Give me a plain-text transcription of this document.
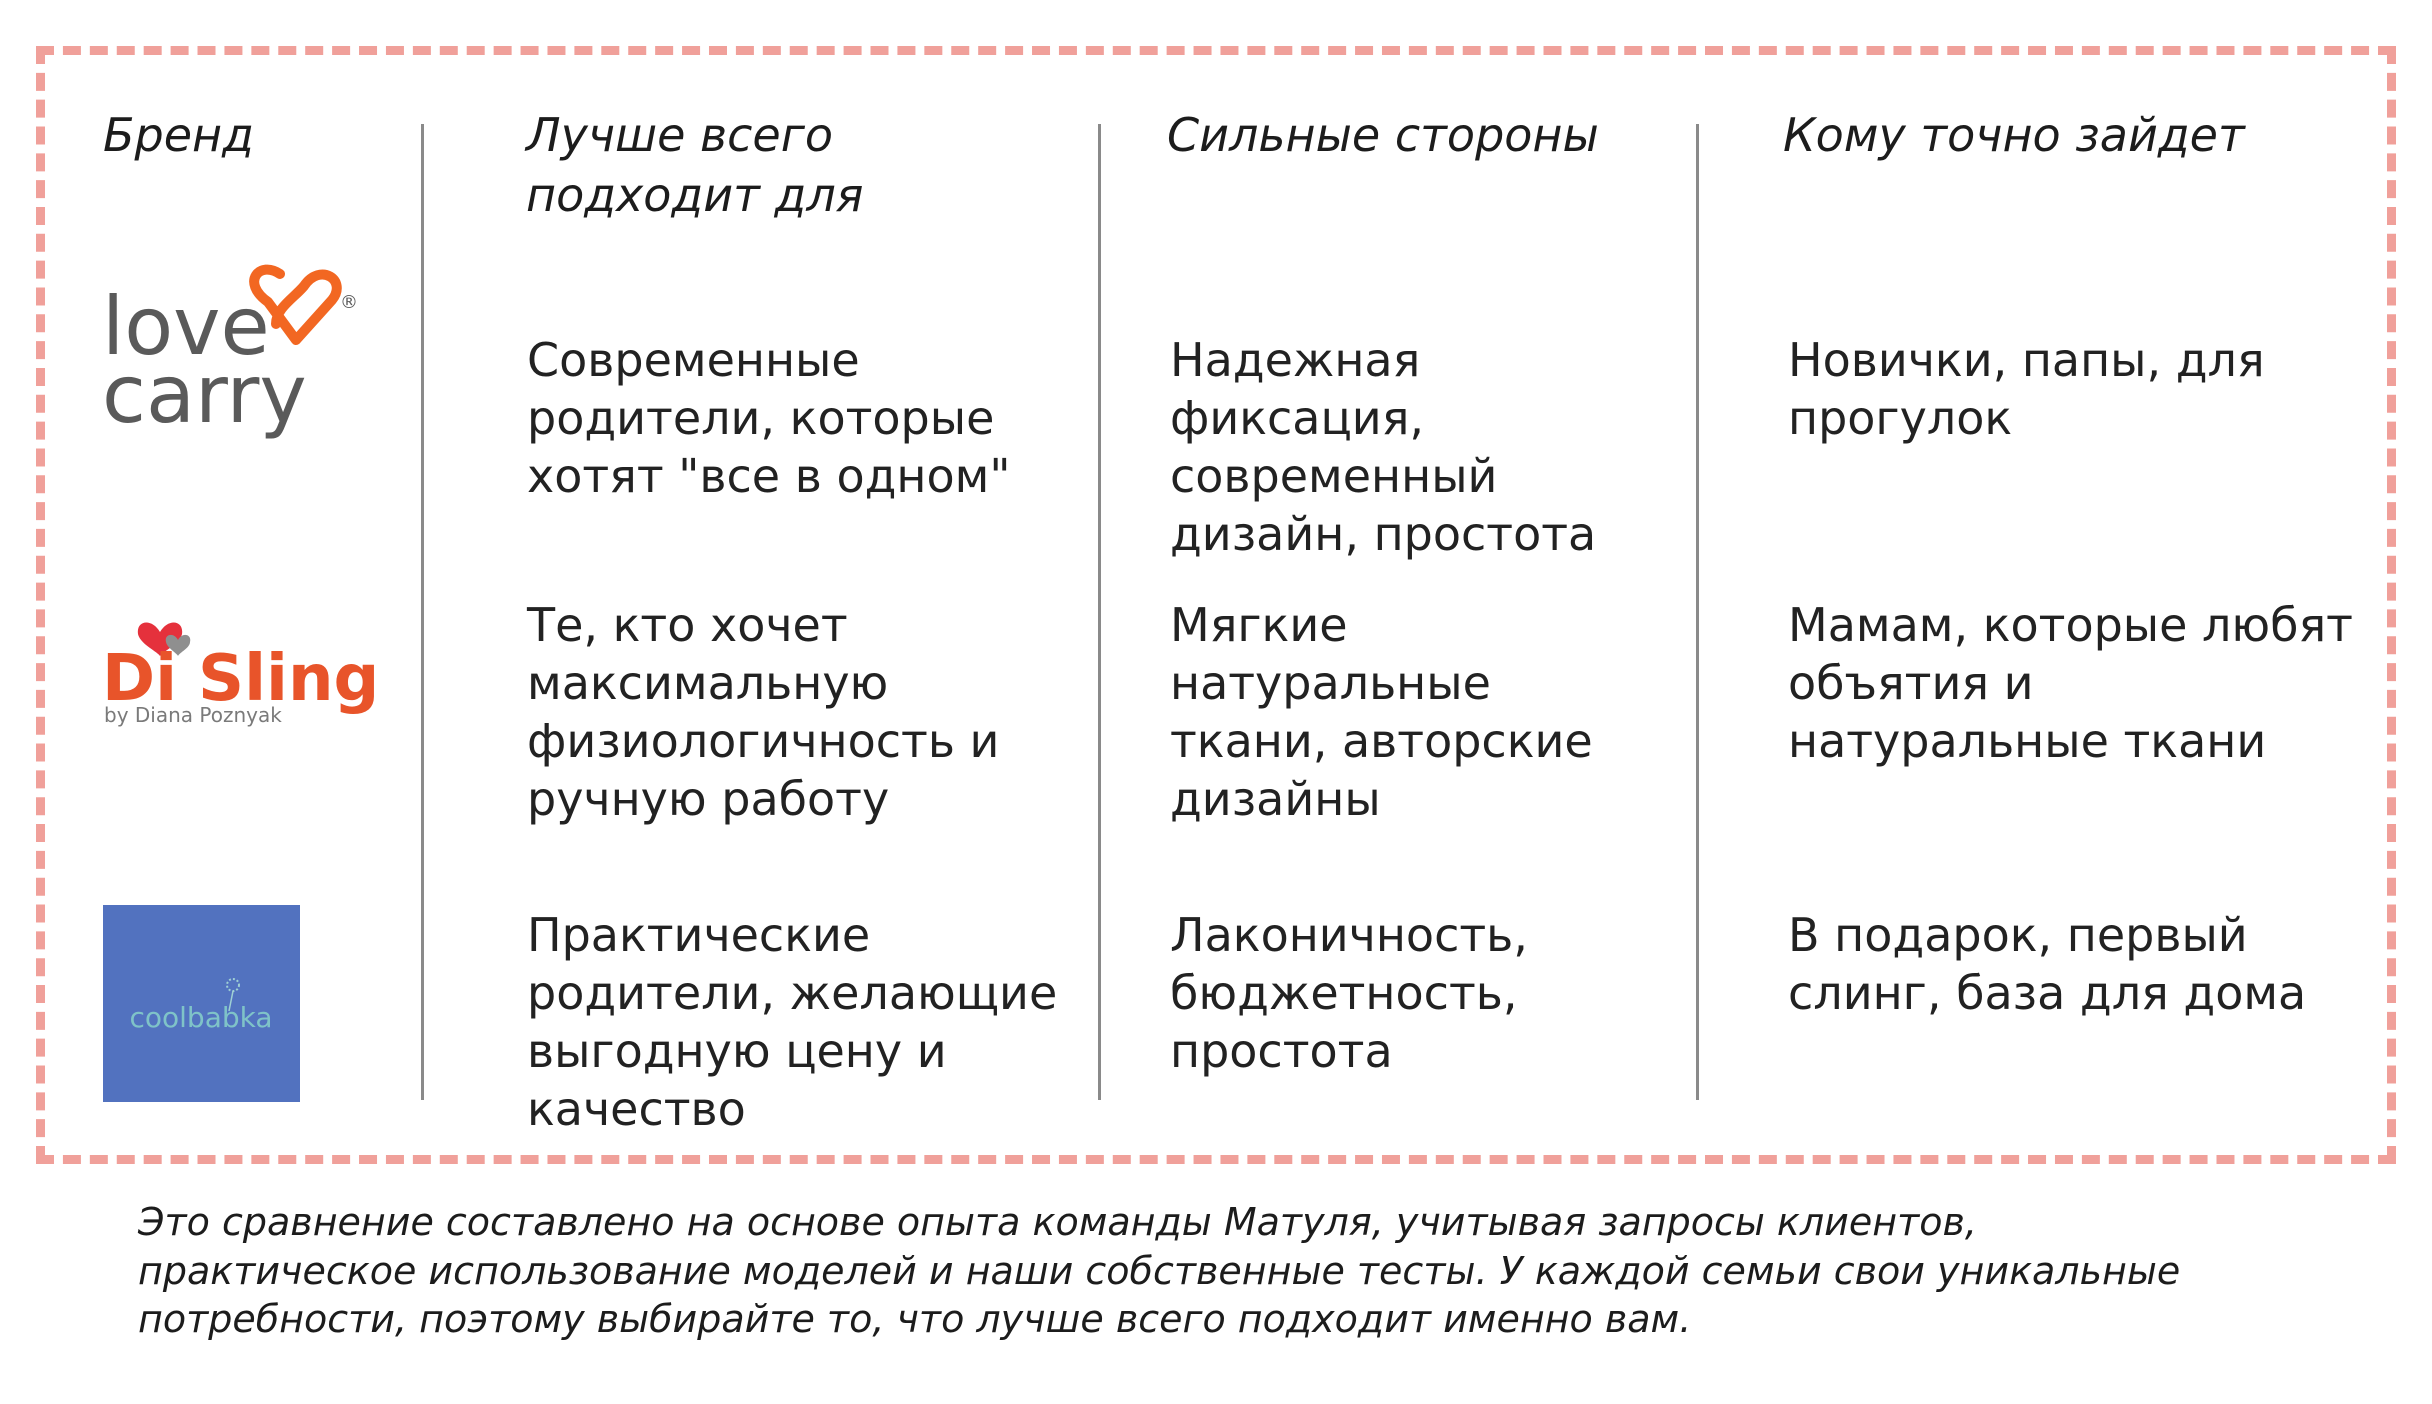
Бренд	Лучше всего
подходит для
Сильные стороны	Кому точно зайдет
love
carry
®
Di Sling
by Diana Poznyak
coolbabka
Современные
родители, которые
хотят "все в одном"
Надежная
фиксация,
современный
дизайн, простота
Новички, папы, для
прогулок
Те, кто хочет
максимальную
физиологичность и
ручную работу
Мягкие
натуральные
ткани, авторские
дизайны
Мамам, которые любят
объятия и
натуральные ткани
Практические
родители, желающие
выгодную цену и
качество
Лаконичность,
бюджетность,
простота
В подарок, первый
слинг, база для дома
Это сравнение составлено на основе опыта команды Матуля, учитывая запросы клиентов,
практическое использование моделей и наши собственные тесты. У каждой семьи свои уникальные
потребности, поэтому выбирайте то, что лучше всего подходит именно вам.
